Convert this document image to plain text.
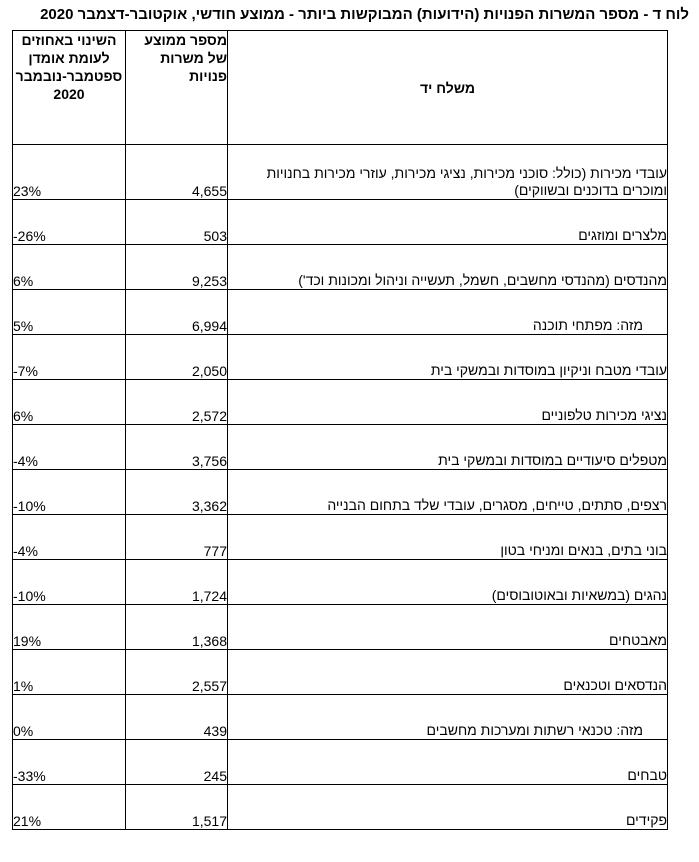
לוח ד - מספר המשרות הפנויות (הידועות) המבוקשות ביותר - ממוצע חודשי, אוקטובר-דצמבר 2020
משלח יד	מספר ממוצע של משרות פנויות	השינוי באחוזים לעומת אומדן ספטמבר-נובמבר 2020
עובדי מכירות (כולל: סוכני מכירות, נציגי מכירות, עוזרי מכירות בחנויות ומוכרים בדוכנים ובשווקים)	4,655	23%
מלצרים ומוזגים	503	-26%
מהנדסים (מהנדסי מחשבים, חשמל, תעשייה וניהול ומכונות וכד')	9,253	6%
מזה: מפתחי תוכנה	6,994	5%
עובדי מטבח וניקיון במוסדות ובמשקי בית	2,050	-7%
נציגי מכירות טלפוניים	2,572	6%
מטפלים סיעודיים במוסדות ובמשקי בית	3,756	-4%
רצפים, סתתים, טייחים, מסגרים, עובדי שלד בתחום הבנייה	3,362	-10%
בוני בתים, בנאים ומניחי בטון	777	-4%
נהגים (במשאיות ובאוטובוסים)	1,724	-10%
מאבטחים	1,368	19%
הנדסאים וטכנאים	2,557	1%
מזה: טכנאי רשתות ומערכות מחשבים	439	0%
טבחים	245	-33%
פקידים	1,517	21%
